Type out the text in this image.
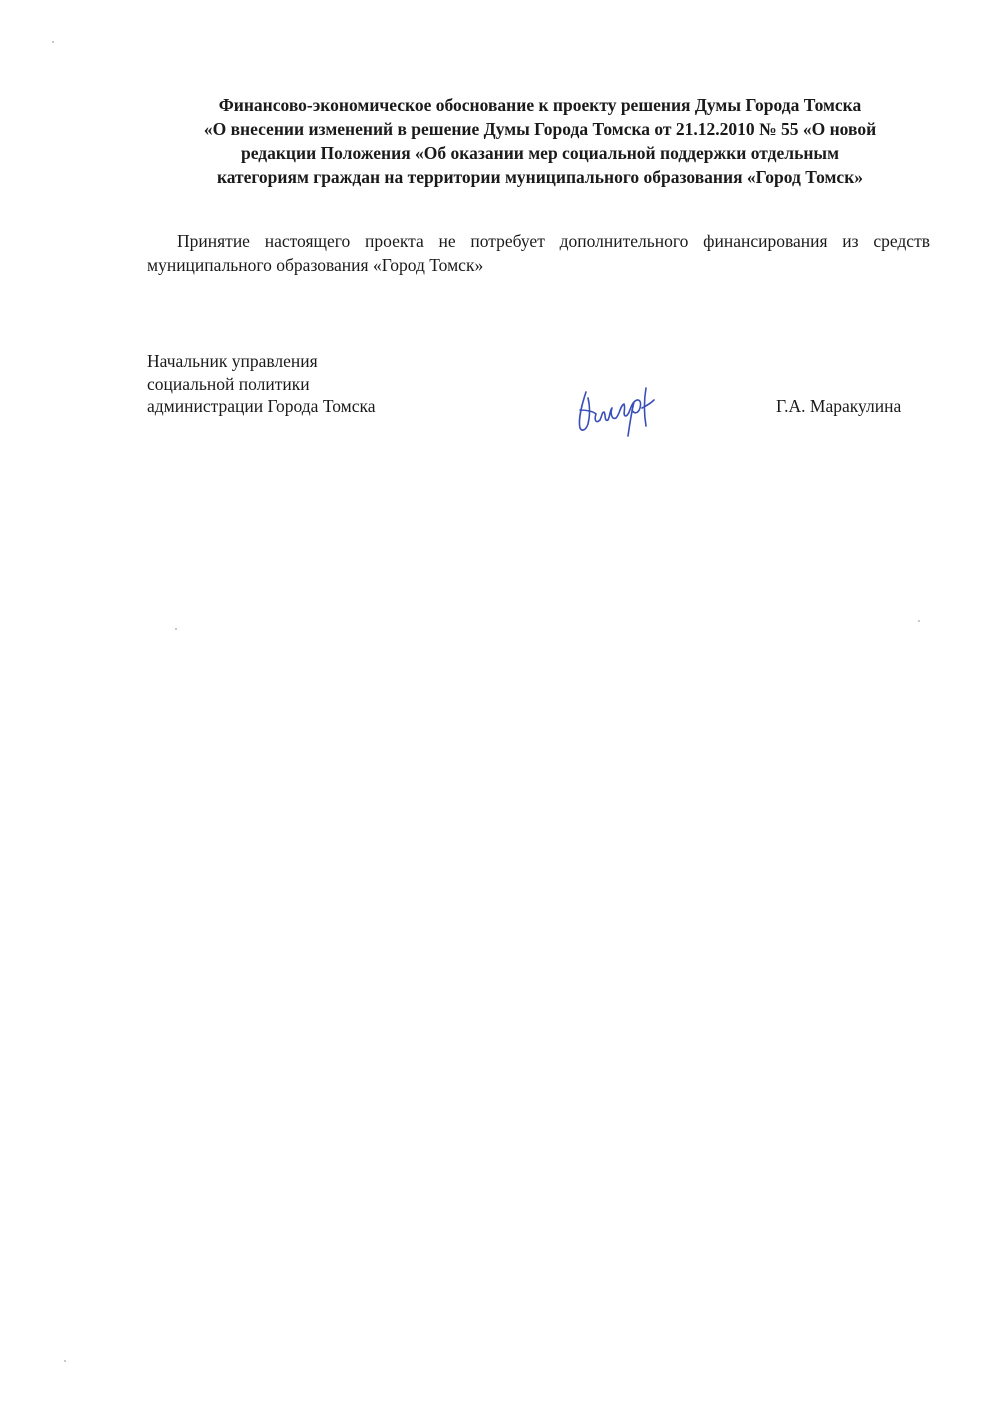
Финансово-экономическое обоснование к проекту решения Думы Города Томска
«О внесении изменений в решение Думы Города Томска от 21.12.2010 № 55 «О новой
редакции Положения «Об оказании мер социальной поддержки отдельным
категориям граждан на территории муниципального образования «Город Томск»

Принятие настоящего проекта не потребует дополнительного финансирования из средств муниципального образования «Город Томск»

Начальник управления
социальной политики
администрации Города Томска	Г.А. Маракулина
